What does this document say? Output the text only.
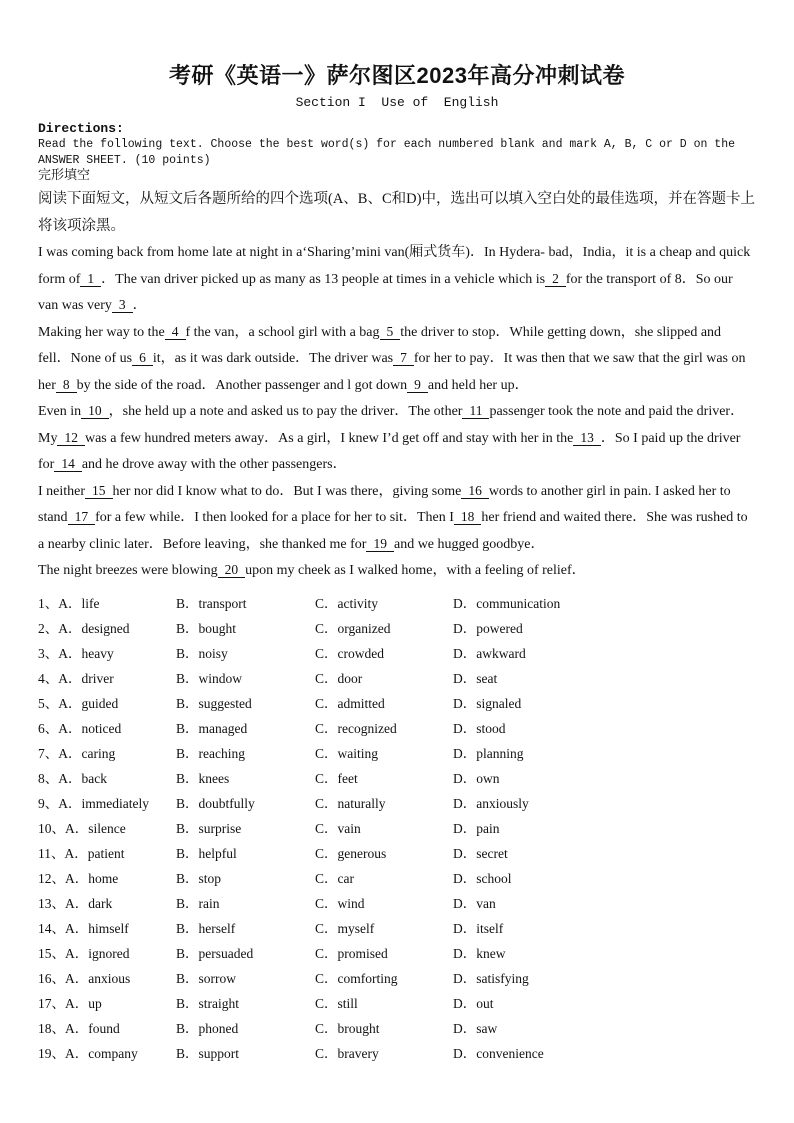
考研《英语一》萨尔图区2023年高分冲刺试卷
Section I  Use of  English
Directions:
Read the following text. Choose the best word(s) for each numbered blank and mark A, B, C or D on the ANSWER SHEET. (10 points)
完形填空
阅读下面短文，从短文后各题所给的四个选项(A、B、C和D)中，选出可以填入空白处的最佳选项，并在答题卡上将该项涂黑。

I was coming back from home late at night in a‘Sharing’mini van(厢式货车)．In Hydera- bad，India，it is a cheap and quick form of 1 ．The van driver picked up as many as 13 people at times in a vehicle which is 2 for the transport of 8．So our van was very 3 ．

Making her way to the 4 f the van，a school girl with a bag 5 the driver to stop．While getting down，she slipped and fell．None of us 6 it，as it was dark outside．The driver was 7 for her to pay．It was then that we saw that the girl was on her 8 by the side of the road．Another passenger and l got down 9 and held her up．

Even in 10 ，she held up a note and asked us to pay the driver．The other 11 passenger took the note and paid the driver．My 12 was a few hundred meters away．As a girl，I knew I’d get off and stay with her in the 13 ．So I paid up the driver for 14 and he drove away with the other passengers．

I neither 15 her nor did I know what to do．But I was there，giving some 16 words to another girl in pain. I asked her to stand 17 for a few while．I then looked for a place for her to sit．Then I 18 her friend and waited there．She was rushed to a nearby clinic later．Before leaving，she thanked me for 19 and we hugged goodbye．

The night breezes were blowing 20 upon my cheek as I walked home，with a feeling of relief．

1、A．life	B．transport	C．activity	D．communication
2、A．designed	B．bought	C．organized	D．powered
3、A．heavy	B．noisy	C．crowded	D．awkward
4、A．driver	B．window	C．door	D．seat
5、A．guided	B．suggested	C．admitted	D．signaled
6、A．noticed	B．managed	C．recognized	D．stood
7、A．caring	B．reaching	C．waiting	D．planning
8、A．back	B．knees	C．feet	D．own
9、A．immediately	B．doubtfully	C．naturally	D．anxiously
10、A．silence	B．surprise	C．vain	D．pain
11、A．patient	B．helpful	C．generous	D．secret
12、A．home	B．stop	C．car	D．school
13、A．dark	B．rain	C．wind	D．van
14、A．himself	B．herself	C．myself	D．itself
15、A．ignored	B．persuaded	C．promised	D．knew
16、A．anxious	B．sorrow	C．comforting	D．satisfying
17、A．up	B．straight	C．still	D．out
18、A．found	B．phoned	C．brought	D．saw
19、A．company	B．support	C．bravery	D．convenience
